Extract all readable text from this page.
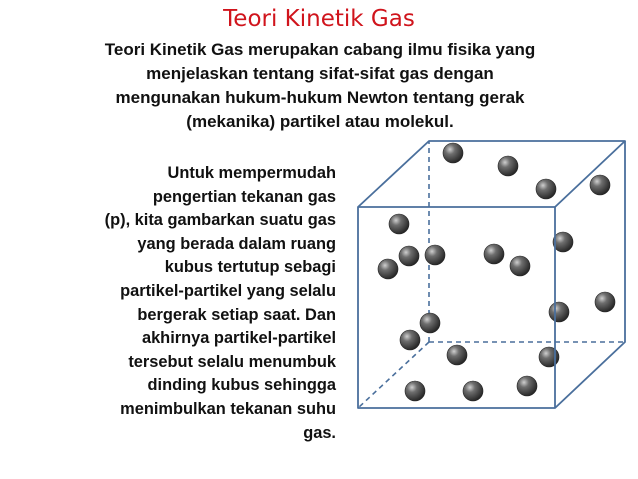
Teori Kinetik Gas
Teori Kinetik Gas merupakan cabang ilmu fisika yang
menjelaskan tentang sifat-sifat gas dengan
mengunakan hukum-hukum Newton tentang gerak
(mekanika) partikel atau molekul.
Untuk mempermudah
pengertian tekanan gas
(p), kita gambarkan suatu gas
yang berada dalam ruang
kubus tertutup sebagi
partikel-partikel yang selalu
bergerak setiap saat. Dan
akhirnya partikel-partikel
tersebut selalu menumbuk
dinding kubus sehingga
menimbulkan tekanan suhu
gas.
